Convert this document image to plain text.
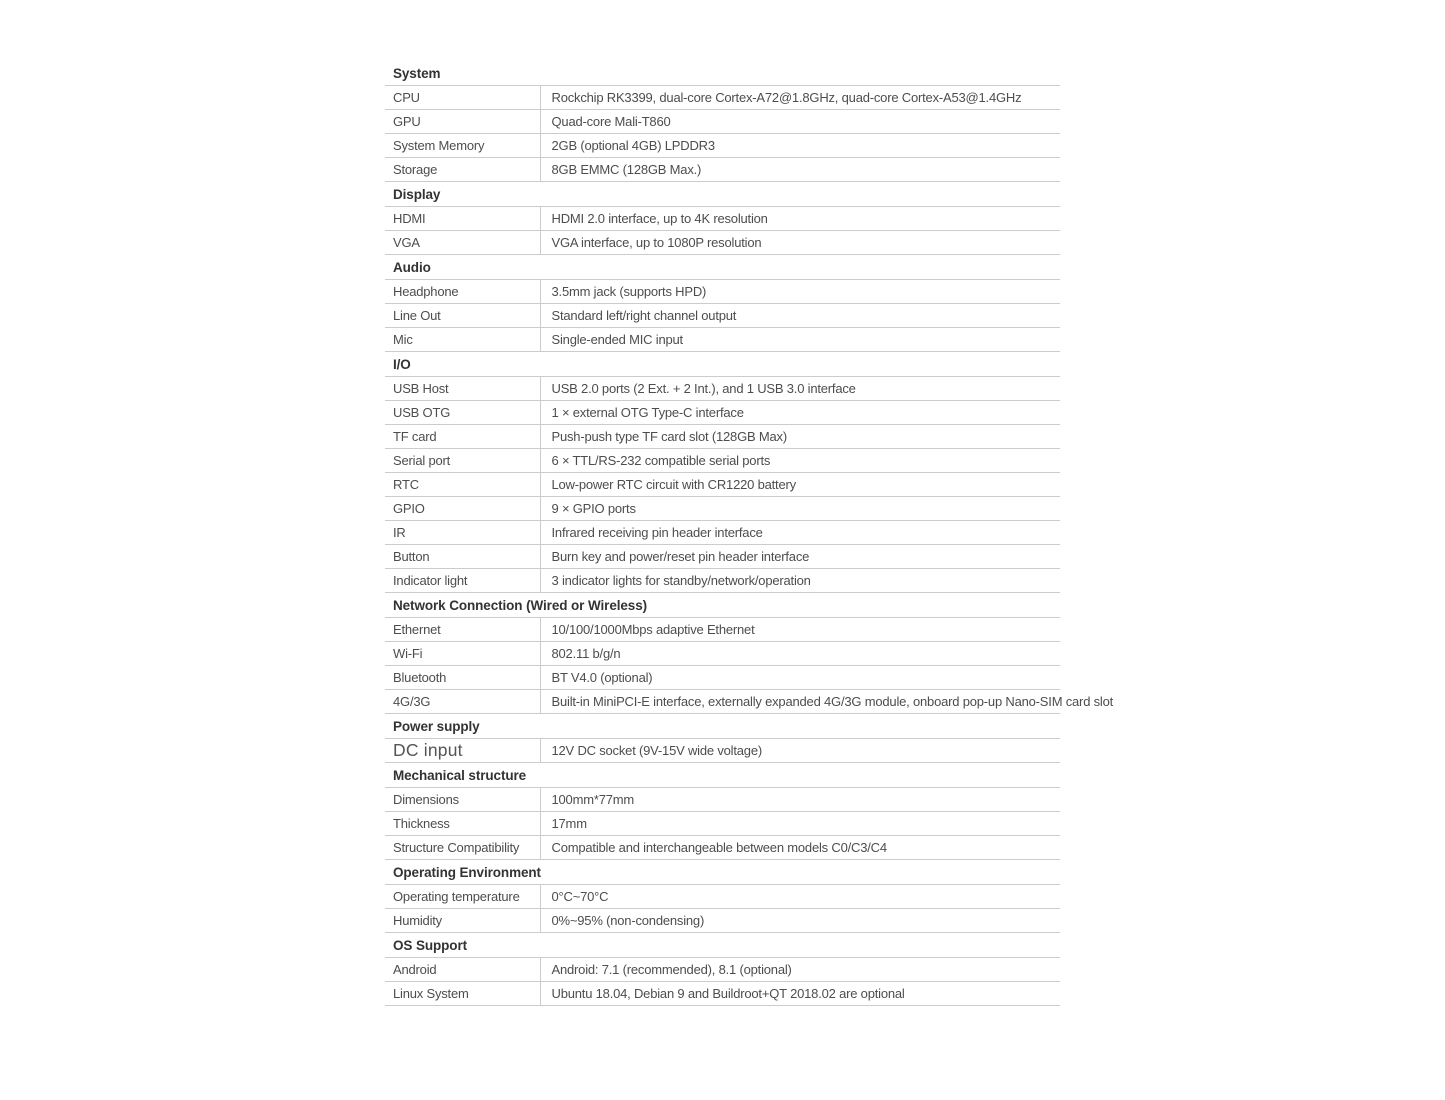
System	
CPU	Rockchip RK3399, dual-core Cortex-A72@1.8GHz, quad-core Cortex-A53@1.4GHz
GPU	Quad-core Mali-T860
System Memory	2GB (optional 4GB) LPDDR3
Storage	8GB EMMC (128GB Max.)
Display	
HDMI	HDMI 2.0 interface, up to 4K resolution
VGA	VGA interface, up to 1080P resolution
Audio	
Headphone	3.5mm jack (supports HPD)
Line Out	Standard left/right channel output
Mic	Single-ended MIC input
I/O	
USB Host	USB 2.0 ports (2 Ext. + 2 Int.), and 1 USB 3.0 interface
USB OTG	1 × external OTG Type-C interface
TF card	Push-push type TF card slot (128GB Max)
Serial port	6 × TTL/RS-232 compatible serial ports
RTC	Low-power RTC circuit with CR1220 battery
GPIO	9 × GPIO ports
IR	Infrared receiving pin header interface
Button	Burn key and power/reset pin header interface
Indicator light	3 indicator lights for standby/network/operation
Network Connection (Wired or Wireless)	
Ethernet	10/100/1000Mbps adaptive Ethernet
Wi-Fi	802.11 b/g/n
Bluetooth	BT V4.0 (optional)
4G/3G	Built-in MiniPCI-E interface, externally expanded 4G/3G module, onboard pop-up Nano-SIM card slot
Power supply	
DC input	12V DC socket (9V-15V wide voltage)
Mechanical structure	
Dimensions	100mm*77mm
Thickness	17mm
Structure Compatibility	Compatible and interchangeable between models C0/C3/C4
Operating Environment	
Operating temperature	0°C~70°C
Humidity	0%~95% (non-condensing)
OS Support	
Android	Android: 7.1 (recommended), 8.1 (optional)
Linux System	Ubuntu 18.04, Debian 9 and Buildroot+QT 2018.02 are optional
